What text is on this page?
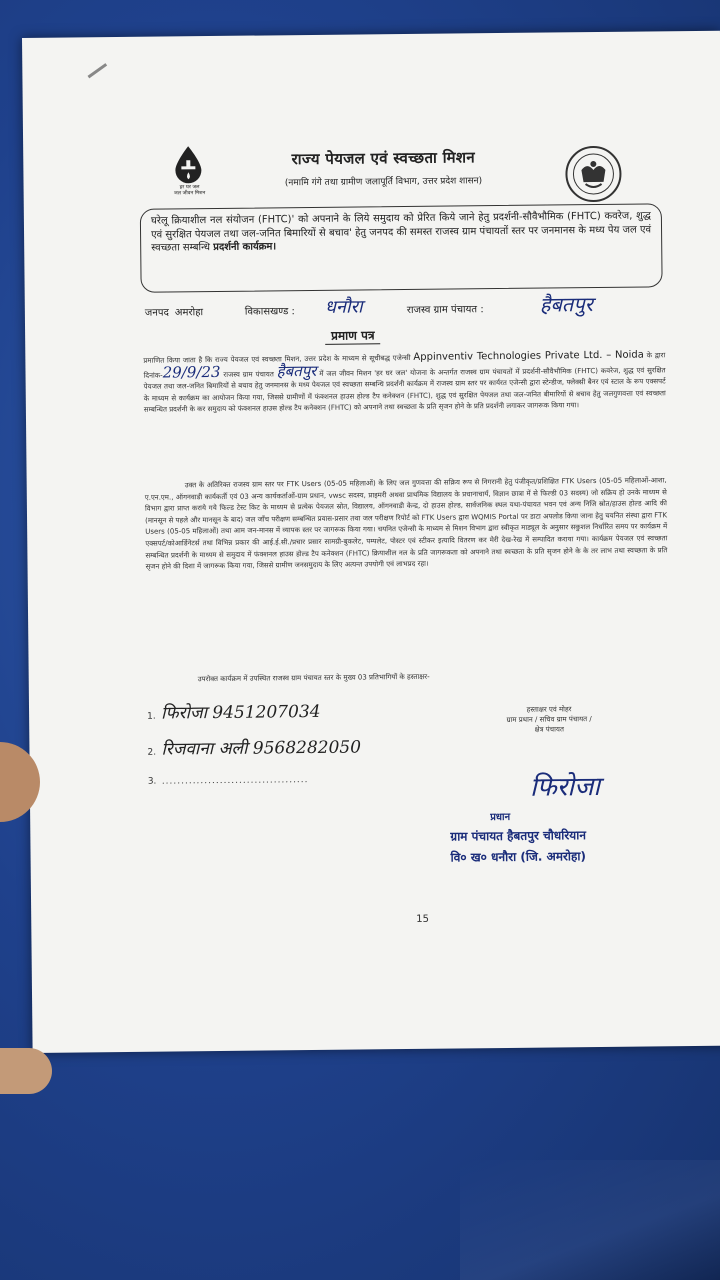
हर घर जल
जल जीवन मिशन
राज्य पेयजल एवं स्वच्छता मिशन
(नमामि गंगे तथा ग्रामीण जलापूर्ति विभाग, उत्तर प्रदेश शासन)
घरेलू क्रियाशील नल संयोजन (FHTC)' को अपनाने के लिये समुदाय को प्रेरित किये जाने हेतु प्रदर्शनी-सौवैभौमिक (FHTC) कवरेज, शुद्ध एवं सुरक्षित पेयजल तथा जल-जनित बिमारियों से बचाव' हेतु जनपद की समस्त राजस्व ग्राम पंचायतों स्तर पर जनमानस के मध्य पेय जल एवं स्वच्छता सम्बन्धि प्रदर्शनी कार्यक्रम।
जनपद अमरोहा	विकासखण्ड : धनौरा	राजस्व ग्राम पंचायत :	हैबतपुर
प्रमाण पत्र
प्रमाणित किया जाता है कि राज्य पेयजल एवं स्वच्छता मिशन, उत्तर प्रदेश के माध्यम से सूचीबद्ध एजेन्सी Appinventiv Technologies Private Ltd. – Noida के द्वारा दिनांक-29/9/23 राजस्व ग्राम पंचायत हैबतपुर में जल जीवन मिशन 'हर घर जल' योजना के अन्तर्गत राजस्व ग्राम पंचायतों में प्रदर्शनी-सौवैभौमिक (FHTC) कवरेज, शुद्ध एवं सुरक्षित पेयजल तथा जल-जनित बिमारियों से बचाव हेतु जनमानस के मध्य पेयजल एवं स्वच्छता सम्बन्धि प्रदर्शनी कार्यक्रम में राजस्व ग्राम स्तर पर कार्यरत एजेन्सी द्वारा स्टेन्डीज, फ्लेक्सी बैनर एवं स्टाल के रूप एक्सपर्ट के माध्यम से कार्यक्रम का आयोजन किया गया, जिससे ग्रामीणों में फंक्शनल हाउस होल्ड टैप कनेक्शन (FHTC), शुद्ध एवं सुरक्षित पेयजल तथा जल-जनित बीमारियों से बचाव हेतु जलगुणवत्ता एवं स्वच्छता सम्बन्धित प्रदर्शनी के कर समुदाय को फंक्शनल हाउस होल्ड टैप कनेक्शन (FHTC) को अपनाने तथा स्वच्छता के प्रति सृजन होने के प्रति प्रदर्शनी लगाकर जागरूक किया गया।
उक्त के अतिरिक्त राजस्व ग्राम स्तर पर FTK Users (05-05 महिलाओं) के लिए जल गुणवत्ता की सक्रिय रूप से निगरानी हेतु पंजीकृत/प्रशिक्षित FTK Users (05-05 महिलाओं-आशा, ए.एन.एम., ऑगनवाडी कार्यकर्ती एवं 03 अन्य कार्यकर्ताओं-ग्राम प्रधान, vwsc सदस्य, प्राइमरी अथवा प्राथमिक विद्यालय के प्रधानाचार्य, विज्ञान छात्रा में से फिल्डी 03 सदस्य) जो सक्रिय हो उनके माध्यम से विभाग द्वारा प्राप्त कराये गये फिल्ड टेस्ट किट के माध्यम से प्रत्येक पेयजल स्रोत, विद्यालय, ऑगनवाडी केन्द्र, दो हाउस होल्ड, सार्वजनिक स्थल यथा-पंचायत भवन एवं अन्य निजि स्रोत/हाउस होल्ड आदि की (मानसून से पहले और मानसून के बाद) जल जाँच परीक्षण सम्बन्धित प्रवास-प्रसार तथा जल परीक्षण रिपोर्ट को FTK Users द्वारा WQMIS Portal पर डाटा अपलोड किया जाना हेतु चयनित संस्था द्वारा FTK Users (05-05 महिलाओं) तथा आम जन-मानस में व्यापक स्तर पर जागरूक किया गया। चयनित एजेन्सी के माध्यम से मिशन विभाग द्वारा स्वीकृत माड्यूल के अनुसार सकुशल निर्धारित समय पर कार्यक्रम में एक्सपर्ट/कोआर्डिनेटर्स तथा विभिन्न प्रकार की आई.ई.सी./प्रचार प्रसार सामग्री-बुकलेट, पम्पलेट, पोस्टर एवं स्टीकर इत्यादि वितरण कर मेरी देख-रेख में सम्पादित कराया गया। कार्यक्रम पेयजल एवं स्वच्छता सम्बन्धित प्रदर्शनी के माध्यम से समुदाय में फंक्शनल हाउस होल्ड टैप कनेक्शन (FHTC) क्रियाशील नल के प्रति जागरूकता को अपनाने तथा स्वच्छता के प्रति सृजन होने के के तर लाभ तथा स्वच्छता के प्रति सृजन होने की दिशा में जागरूक किया गया, जिससे ग्रामीण जनसमुदाय के लिए अत्यन्त उपयोगी एवं लाभप्रद रहा।
उपरोक्त कार्यक्रम में उपस्थित राजस्व ग्राम पंचायत स्तर के मुख्य 03 प्रतिभागियों के हस्ताक्षर-
1. फिरोजा 9451207034
2. रिजवाना अली 9568282050
3. ......................................
हस्ताक्षर एवं मोहर
ग्राम प्रधान / सचिव ग्राम पंचायत /
क्षेत्र पंचायत
फिरोजा
प्रधान
ग्राम पंचायत हैबतपुर चौधरियान
वि० ख० धनौरा (जि. अमरोहा)
15
